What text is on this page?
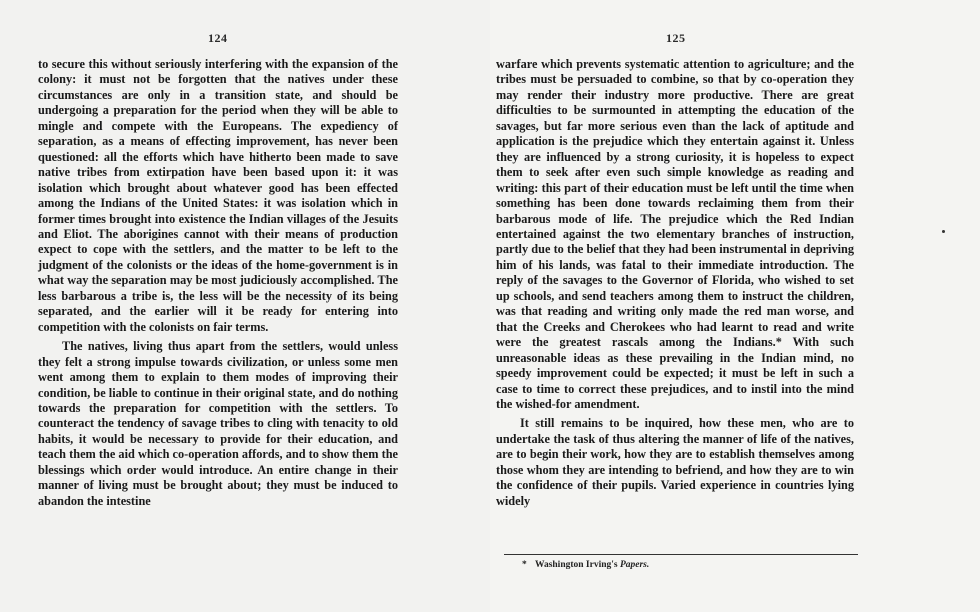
124

to secure this without seriously interfering with the expansion of the colony: it must not be forgotten that the natives under these circumstances are only in a transition state, and should be undergoing a preparation for the period when they will be able to mingle and compete with the Europeans. The expediency of separation, as a means of effecting improvement, has never been questioned: all the efforts which have hitherto been made to save native tribes from extirpation have been based upon it: it was isolation which brought about whatever good has been effected among the Indians of the United States: it was isolation which in former times brought into existence the Indian villages of the Jesuits and Eliot. The aborigines cannot with their means of production expect to cope with the settlers, and the matter to be left to the judgment of the colonists or the ideas of the home-government is in what way the separation may be most judiciously accomplished. The less barbarous a tribe is, the less will be the necessity of its being separated, and the earlier will it be ready for entering into competition with the colonists on fair terms.

The natives, living thus apart from the settlers, would unless they felt a strong impulse towards civilization, or unless some men went among them to explain to them modes of improving their condition, be liable to continue in their original state, and do nothing towards the preparation for competition with the settlers. To counteract the tendency of savage tribes to cling with tenacity to old habits, it would be necessary to provide for their education, and teach them the aid which co-operation affords, and to show them the blessings which order would introduce. An entire change in their manner of living must be brought about; they must be induced to abandon the intestine

125

warfare which prevents systematic attention to agriculture; and the tribes must be persuaded to combine, so that by co-operation they may render their industry more productive. There are great difficulties to be surmounted in attempting the education of the savages, but far more serious even than the lack of aptitude and application is the prejudice which they entertain against it. Unless they are influenced by a strong curiosity, it is hopeless to expect them to seek after even such simple knowledge as reading and writing: this part of their education must be left until the time when something has been done towards reclaiming them from their barbarous mode of life. The prejudice which the Red Indian entertained against the two elementary branches of instruction, partly due to the belief that they had been instrumental in depriving him of his lands, was fatal to their immediate introduction. The reply of the savages to the Governor of Florida, who wished to set up schools, and send teachers among them to instruct the children, was that reading and writing only made the red man worse, and that the Creeks and Cherokees who had learnt to read and write were the greatest rascals among the Indians.* With such unreasonable ideas as these prevailing in the Indian mind, no speedy improvement could be expected; it must be left in such a case to time to correct these prejudices, and to instil into the mind the wished-for amendment.

It still remains to be inquired, how these men, who are to undertake the task of thus altering the manner of life of the natives, are to begin their work, how they are to establish themselves among those whom they are intending to befriend, and how they are to win the confidence of their pupils. Varied experience in countries lying widely

* Washington Irving's Papers.
